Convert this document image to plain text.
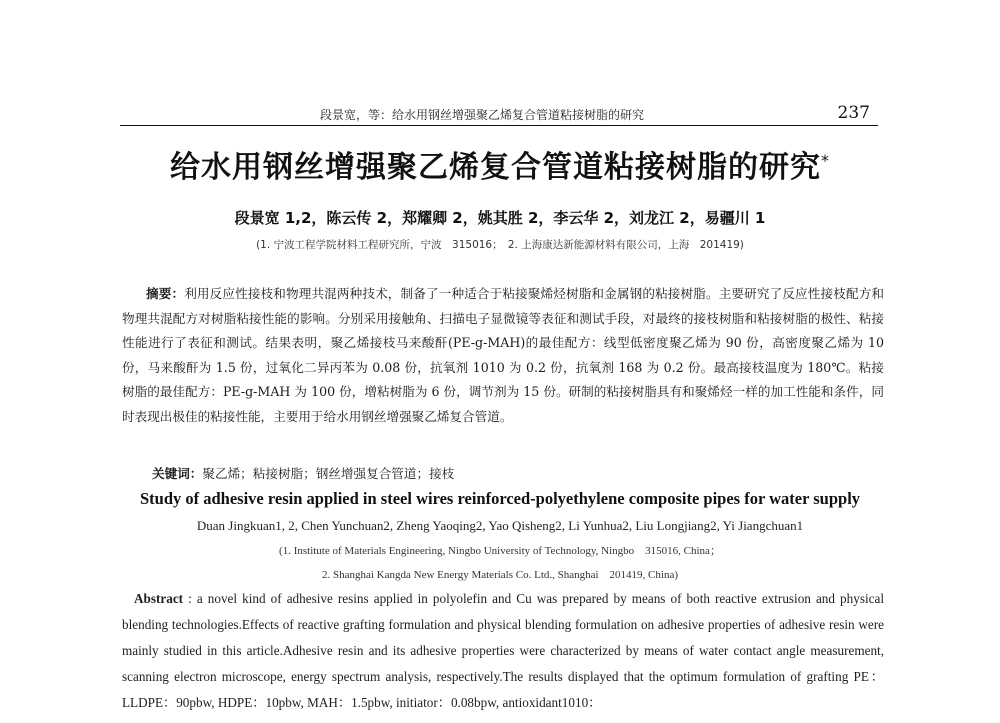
段景宽，等：给水用钢丝增强聚乙烯复合管道粘接树脂的研究	237
给水用钢丝增强聚乙烯复合管道粘接树脂的研究*
段景宽 1,2，陈云传 2，郑耀卿 2，姚其胜 2，李云华 2，刘龙江 2，易疆川 1
(1. 宁波工程学院材料工程研究所，宁波　315016；　2. 上海康达新能源材料有限公司，上海　201419)
摘要：利用反应性接枝和物理共混两种技术，制备了一种适合于粘接聚烯烃树脂和金属钢的粘接树脂。主要研究了反应性接枝配方和物理共混配方对树脂粘接性能的影响。分别采用接触角、扫描电子显微镜等表征和测试手段，对最终的接枝树脂和粘接树脂的极性、粘接性能进行了表征和测试。结果表明，聚乙烯接枝马来酸酐(PE-g-MAH)的最佳配方：线型低密度聚乙烯为 90 份，高密度聚乙烯为 10 份，马来酸酐为 1.5 份，过氧化二异丙苯为 0.08 份，抗氧剂 1010 为 0.2 份，抗氧剂 168 为 0.2 份。最高接枝温度为 180℃。粘接树脂的最佳配方：PE-g-MAH 为 100 份，增粘树脂为 6 份，调节剂为 15 份。研制的粘接树脂具有和聚烯烃一样的加工性能和条件，同时表现出极佳的粘接性能，主要用于给水用钢丝增强聚乙烯复合管道。
关键词：聚乙烯；粘接树脂；钢丝增强复合管道；接枝
Study of adhesive resin applied in steel wires reinforced-polyethylene composite pipes for water supply
Duan Jingkuan1, 2, Chen Yunchuan2, Zheng Yaoqing2, Yao Qisheng2, Li Yunhua2, Liu Longjiang2, Yi Jiangchuan1
(1. Institute of Materials Engineering, Ningbo University of Technology, Ningbo　315016, China；
2. Shanghai Kangda New Energy Materials Co. Ltd., Shanghai　201419, China)
Abstract : a novel kind of adhesive resins applied in polyolefin and Cu was prepared by means of both reactive extrusion and physical blending technologies.Effects of reactive grafting formulation and physical blending formulation on adhesive properties of adhesive resin were mainly studied in this article.Adhesive resin and its adhesive properties were characterized by means of water contact angle measurement, scanning electron microscope, energy spectrum analysis, respectively.The results displayed that the optimum formulation of grafting PE：LLDPE：90pbw, HDPE：10pbw, MAH：1.5pbw, initiator：0.08bpw, antioxidant1010：
